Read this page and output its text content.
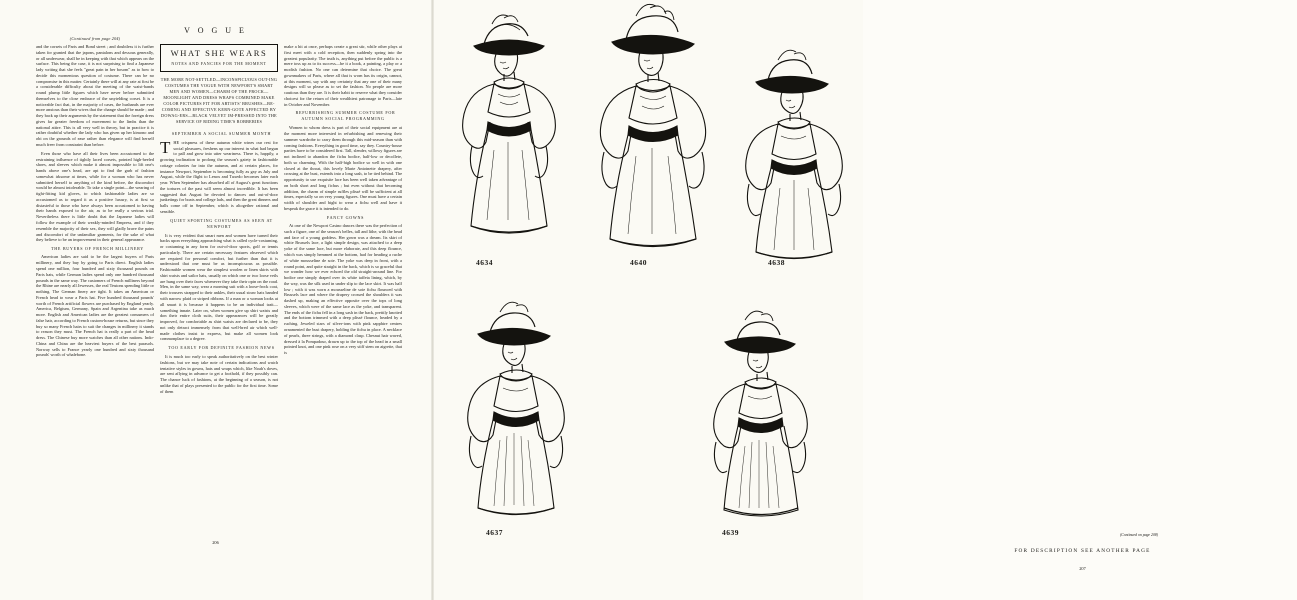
V O G U E
(Continued from page 204)

and the corsets of Paris and Bond street ; and doubtless it is further taken for granted that the japons, pantalons and dessous generally, or all underwear, shall be in keeping with that which appears on the surface. This being the case, it is not surprising to find a Japanese lady writing that she feels "great pain in her bosom" as to how to decide this momentous question of costume. There can be no compromise in this matter. Certainly there will at any rate at first be a considerable difficulty about the meeting of the waist-bands round plump little figures which have never before submitted themselves to the close embrace of the unyielding corset. It is a noticeable fact that, in the majority of cases, the husbands are ever more anxious than their wives that the change should be made ; and they back up their arguments by the statement that the foreign dress gives far greater freedom of movement to the limbs than the national attire. This is all very well in theory, but in practice it is rather doubtful whether the lady who has given up her kimono and obi on the grounds of ease rather than elegance will find herself much freer from constraint than before.

Even those who have all their lives been accustomed to the restraining influence of tightly laced corsets, pointed high-heeled shoes, and sleeves which make it almost impossible to lift one's hands above one's head, are apt to find the garb of fashion somewhat irksome at times, while for a woman who has never submitted herself to anything of the kind before, the discomfort would be almost intolerable. To take a single point—the wearing of tight-fitting kid gloves, to which fashionable ladies are so accustomed as to regard it as a positive luxury, is at first so distasteful to those who have always been accustomed to having their hands exposed to the air, as to be really a serious trial. Nevertheless there is little doubt that the Japanese ladies will follow the example of their weakly-minded Empress, and if they resemble the majority of their sex, they will gladly brave the pains and discomfort of the unfamiliar garments, for the sake of what they believe to be an improvement in their general appearance.

THE BUYERS OF FRENCH MILLINERY

American ladies are said to be the largest buyers of Paris millinery, and they buy by going to Paris direct. English ladies spend one million, four hundred and sixty thousand pounds on Paris hats, while German ladies spend only one hundred thousand pounds in the same way. The customers of French milliners beyond the Rhine are nearly all Jewesses, the real Teutons spending little or nothing. The German finery are tight. It takes an American or French head to wear a Paris hat. Five hundred thousand pounds' worth of French artificial flowers are purchased by England yearly. America, Belgium, Germany, Spain and Argentina take as much more. English and American ladies are the greatest consumers of false hair, according to French custom-house returns, but since they buy so many French hairs to suit the changes in millinery it stands to reason they must. The French hat is really a part of the head dress. The Chinese buy more watches than all other nations. Indo-China and China are the heaviest buyers of the best parasols. Norway sells to France yearly one hundred and sixty thousand pounds' worth of whalebone.

WHAT SHE WEARS
NOTES AND FANCIES FOR THE MOMENT
THE MORE NOT-SETTLED—INCONSPICUOUS OUT-ING COSTUMES THE VOGUE WITH NEWPORT'S SMART MEN AND WOMEN—CHARM OF THE FROCK—MOONLIGHT AND DRESS WRAPS COMBINED MAKE COLOR PICTURES FIT FOR ARTISTS' BRUSHES—BE-COMING AND EFFECTIVE KERN-GOTE AFFECTED BY DOWAG-ERS—BLACK VELVET IM-PRESSED INTO THE SERVICE OF RIDING TIME'S ROBBERIES

SEPTEMBER A SOCIAL SUMMER MONTH

THE crispness of these autumn white wines our rest for social pleasures, freshens up our interest in what had begun to pall and grow into utter weariness. There is, happily, a growing inclination to prolong the season's gaiety in fashionable cottage colonies far into the autumn, and at certain places, for instance Newport, September is becoming fully as gay as July and August, while the flight to Lenox and Tuxedo becomes later each year. When September has absorbed all of August's great functions the tortures of the past will seem almost incredible. It has been suggested that August be devoted to dances and out-of-door junketings for boats and college lads, and then the great dinners and balls come off in September, which is altogether rational and sensible.

QUIET SPORTING COSTUMES AS SEEN AT NEWPORT

It is very evident that smart men and women have turned their backs upon everything approaching what is called cycle-costuming, or costuming in any form for out-of-door sports, golf or tennis particularly. There are certain necessary features observed which are required for personal comfort, but further than that it is understood that one must be as inconspicuous as possible. Fashionable women wear the simplest woolen or linen skirts with shirt waists and sailor hats, usually on which one or two loose veils are hung over their faces whenever they take their opin on the road. Men, in the same way, wear a morning suit with a loose-frock coat, their trousers strapped to their ankles, their usual straw hats banded with narrow plaid or striped ribbons. If a man or a woman looks at all smart it is because it happens to be an individual trait—something innate. Later on, when women give up shirt waists and don their entire cloth suits, their appearances will be greatly improved, for comfortable as shirt waists are declared to be, they not only detract immensely from that well-bred air which well-made clothes insist to express, but make all women look commonplace to a degree.

TOO EARLY FOR DEFINITE FASHION NEWS

It is much too early to speak authoritatively on the best winter fashions, but we may take note of certain indications and watch tentative styles in gowns, hats and wraps which, like Noah's doves, are sent aflying in advance to get a foothold, if they possibly can. The chance luck of fashions, at the beginning of a season, is not unlike that of plays presented to the public for the first time. Some of them

make a hit at once, perhaps create a great stir, while other plays at first meet with a cold reception, then suddenly spring into the greatest popularity. The truth is, anything put before the public is a mere toss up as to its success—be it a book, a painting, a play or a modish fashion. No one can determine that choice. The great gownmakers of Paris, where all that is worn has its origin, cannot, at this moment, say with any certainty that any one of their many designs will so please as to set the fashion. No people are more cautious than they are. It is their habit to reserve what they consider choicest for the return of their wealthiest patronage to Paris—late in October and November.

REFURBISHING SUMMER COSTUME FOR AUTUMN SOCIAL PROGRAMMING

Women to whom dress is part of their social equipment are at the moment more interested in refurbishing and renewing their summer wardrobe to carry them through this mid-season than with coming fashions. Everything in good time, say they. Country-house parties have to be considered first. Tall, slender, willowy figures are not inclined to abandon the fichu bodice, half-low or decollete, both so charming. With the half-high bodice so well in with one closed at the throat, this lovely Marie Antoinette drapery, after crossing at the bust, extends into a long sash, to be tied behind. The opportunity to use exquisite lace has been well taken advantage of on both short and long fichus ; but even without that becoming addition, the charm of simple ruffles plissé will be sufficient at all times, especially so on very young figures. One must have a certain width of shoulder and bight to wear a fichu well and have it bespeak the grace it is intended to do.

FANCY GOWNS

At one of the Newport Casino dances there was the perfection of such a figure, one of the season's belles, tall and lithe, with the head and face of a young goddess. Her gown was a dream. Its skirt of white Brussels lace, a light simple design, was attached to a deep yoke of the same lace, but more elaborate, and this deep flounce, which was simply hemmed at the bottom, had for heading a ruche of white mousseline de soie. The yoke was deep in front, with a round point, and quite straight in the back, which is so graceful that we wonder how we ever echoed the old straight-around line. For bodice one simply draped over its white taffeta lining, which, by the way, was the silk used in under slip to the lace skirt. It was half low ; with it was worn a mousseline de soie fichu flounced with Brussels lace and where the drapery crossed the shoulders it was dashed up, making an effective opposite over the tops of long sleeves, which were of the same lace as the yoke, and transparent. The ends of the fichu fell in a long sash in the back, prettily knotted and the bottom trimmed with a deep plissé flounce, headed by a ruching. Jeweled stars of silver-ions with pink sapphire centres ornamented the bust drapery, holding the fichu in place. A necklace of pearls, three strings, with a diamond clasp. Chesnut hair waved, dressed à la Pompadour, drawn up to the top of the head in a small pointed knot, and one pink rose on a very stiff stem on aigrette, that is

206
4634	4640	4638
4637	4639	(Continued on page 208)
FOR DESCRIPTION SEE ANOTHER PAGE
207
